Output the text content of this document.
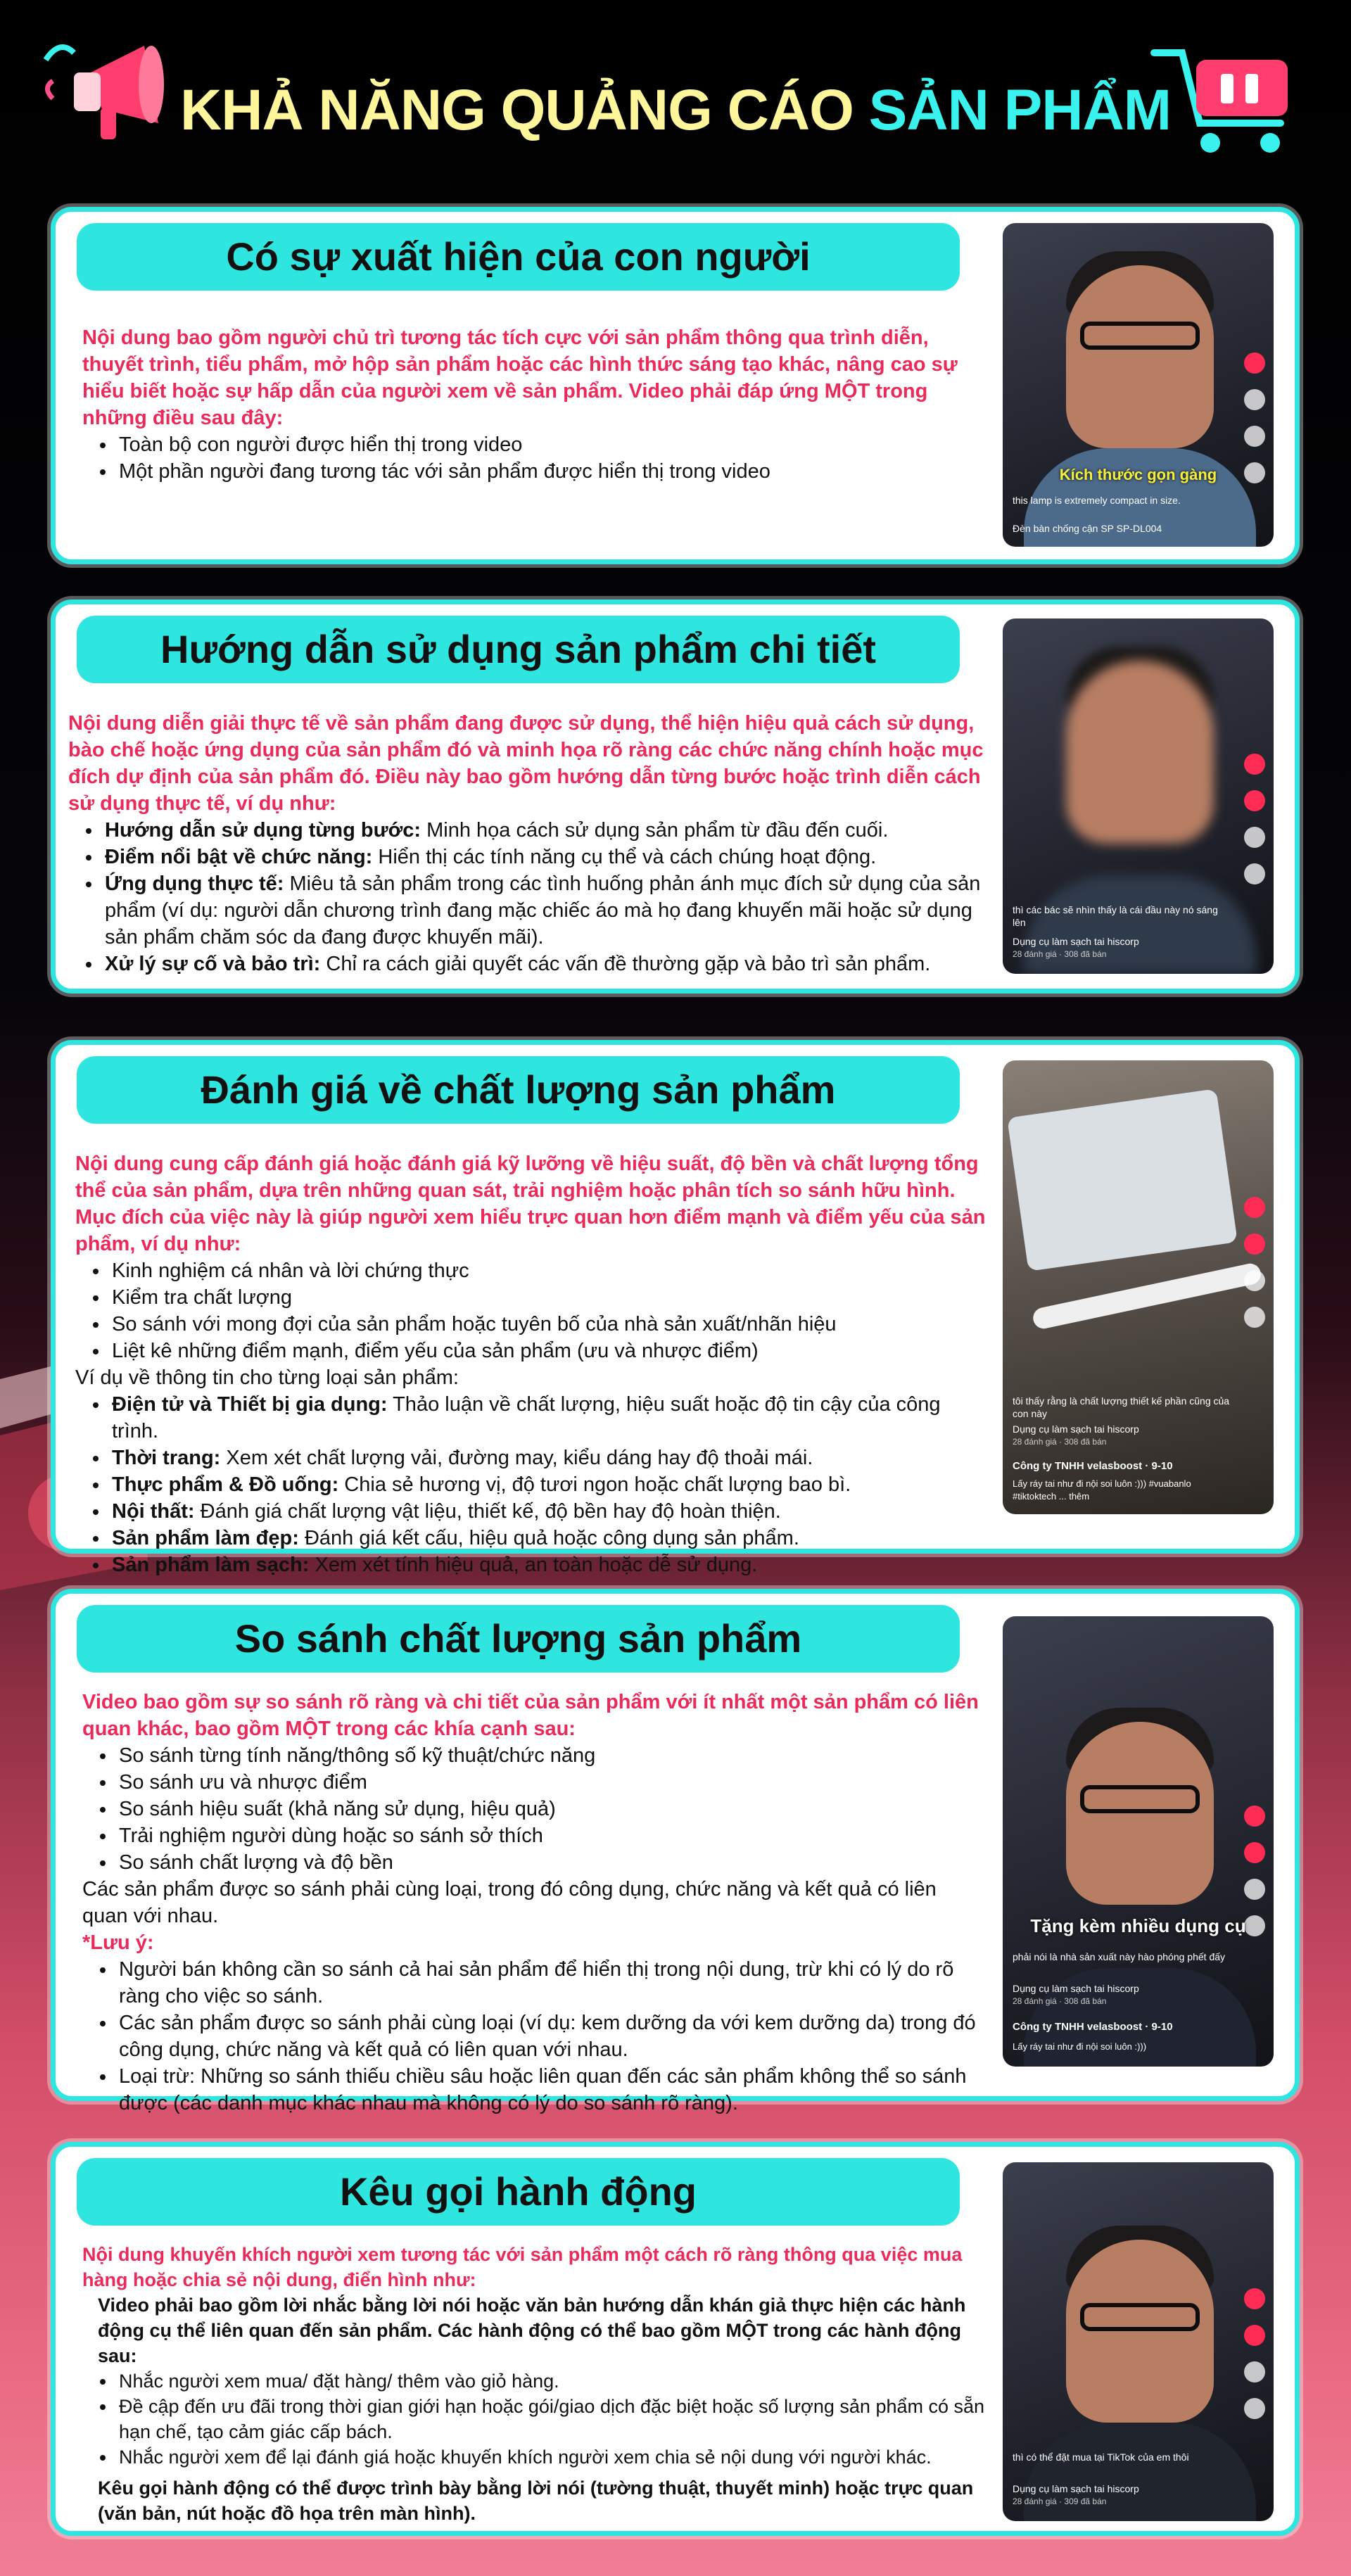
KHẢ NĂNG QUẢNG CÁO SẢN PHẨM
Có sự xuất hiện của con người
Nội dung bao gồm người chủ trì tương tác tích cực với sản phẩm thông qua trình diễn, thuyết trình, tiểu phẩm, mở hộp sản phẩm hoặc các hình thức sáng tạo khác, nâng cao sự hiểu biết hoặc sự hấp dẫn của người xem về sản phẩm. Video phải đáp ứng MỘT trong những điều sau đây:
• Toàn bộ con người được hiển thị trong video
• Một phần người đang tương tác với sản phẩm được hiển thị trong video	Kích thước gọn gàng
this lamp is extremely compact in size.
Đèn bàn chống cận SP SP-DL004
Hướng dẫn sử dụng sản phẩm chi tiết
Nội dung diễn giải thực tế về sản phẩm đang được sử dụng, thể hiện hiệu quả cách sử dụng, bào chế hoặc ứng dụng của sản phẩm đó và minh họa rõ ràng các chức năng chính hoặc mục đích dự định của sản phẩm đó. Điều này bao gồm hướng dẫn từng bước hoặc trình diễn cách sử dụng thực tế, ví dụ như:
• Hướng dẫn sử dụng từng bước: Minh họa cách sử dụng sản phẩm từ đầu đến cuối.
• Điểm nổi bật về chức năng: Hiển thị các tính năng cụ thể và cách chúng hoạt động.
• Ứng dụng thực tế: Miêu tả sản phẩm trong các tình huống phản ánh mục đích sử dụng của sản phẩm (ví dụ: người dẫn chương trình đang mặc chiếc áo mà họ đang khuyến mãi hoặc sử dụng sản phẩm chăm sóc da đang được khuyến mãi).
• Xử lý sự cố và bảo trì: Chỉ ra cách giải quyết các vấn đề thường gặp và bảo trì sản phẩm.
thì các bác sẽ nhìn thấy là cái đầu này nó sáng lên
Dụng cụ làm sạch tai hiscorp
28 đánh giá · 308 đã bán
Đánh giá về chất lượng sản phẩm
Nội dung cung cấp đánh giá hoặc đánh giá kỹ lưỡng về hiệu suất, độ bền và chất lượng tổng thể của sản phẩm, dựa trên những quan sát, trải nghiệm hoặc phân tích so sánh hữu hình. Mục đích của việc này là giúp người xem hiểu trực quan hơn điểm mạnh và điểm yếu của sản phẩm, ví dụ như:
• Kinh nghiệm cá nhân và lời chứng thực
• Kiểm tra chất lượng
• So sánh với mong đợi của sản phẩm hoặc tuyên bố của nhà sản xuất/nhãn hiệu
• Liệt kê những điểm mạnh, điểm yếu của sản phẩm (ưu và nhược điểm)
Ví dụ về thông tin cho từng loại sản phẩm:
• Điện tử và Thiết bị gia dụng: Thảo luận về chất lượng, hiệu suất hoặc độ tin cậy của công trình.
• Thời trang: Xem xét chất lượng vải, đường may, kiểu dáng hay độ thoải mái.
• Thực phẩm & Đồ uống: Chia sẻ hương vị, độ tươi ngon hoặc chất lượng bao bì.
• Nội thất: Đánh giá chất lượng vật liệu, thiết kế, độ bền hay độ hoàn thiện.
• Sản phẩm làm đẹp: Đánh giá kết cấu, hiệu quả hoặc công dụng sản phẩm.
• Sản phẩm làm sạch: Xem xét tính hiệu quả, an toàn hoặc dễ sử dụng.
tôi thấy rằng là chất lượng thiết kế phần cũng của con này
Dụng cụ làm sạch tai hiscorp
28 đánh giá · 308 đã bán
Công ty TNHH velasboost · 9-10
Lấy ráy tai như đi nội soi luôn :))) #vuabanlo #tiktoktech ... thêm
So sánh chất lượng sản phẩm
Video bao gồm sự so sánh rõ ràng và chi tiết của sản phẩm với ít nhất một sản phẩm có liên quan khác, bao gồm MỘT trong các khía cạnh sau:
• So sánh từng tính năng/thông số kỹ thuật/chức năng
• So sánh ưu và nhược điểm
• So sánh hiệu suất (khả năng sử dụng, hiệu quả)
• Trải nghiệm người dùng hoặc so sánh sở thích
• So sánh chất lượng và độ bền
Các sản phẩm được so sánh phải cùng loại, trong đó công dụng, chức năng và kết quả có liên quan với nhau.
*Lưu ý:
• Người bán không cần so sánh cả hai sản phẩm để hiển thị trong nội dung, trừ khi có lý do rõ ràng cho việc so sánh.
• Các sản phẩm được so sánh phải cùng loại (ví dụ: kem dưỡng da với kem dưỡng da) trong đó công dụng, chức năng và kết quả có liên quan với nhau.
• Loại trừ: Những so sánh thiếu chiều sâu hoặc liên quan đến các sản phẩm không thể so sánh được (các danh mục khác nhau mà không có lý do so sánh rõ ràng).
Tặng kèm nhiều dụng cụ
phải nói là nhà sản xuất này hào phóng phết đấy
Dụng cụ làm sạch tai hiscorp
28 đánh giá · 308 đã bán
Công ty TNHH velasboost · 9-10
Lấy ráy tai như đi nội soi luôn :)))
Kêu gọi hành động
Nội dung khuyến khích người xem tương tác với sản phẩm một cách rõ ràng thông qua việc mua hàng hoặc chia sẻ nội dung, điển hình như:
Video phải bao gồm lời nhắc bằng lời nói hoặc văn bản hướng dẫn khán giả thực hiện các hành động cụ thể liên quan đến sản phẩm. Các hành động có thể bao gồm MỘT trong các hành động sau:
• Nhắc người xem mua/ đặt hàng/ thêm vào giỏ hàng.
• Đề cập đến ưu đãi trong thời gian giới hạn hoặc gói/giao dịch đặc biệt hoặc số lượng sản phẩm có sẵn hạn chế, tạo cảm giác cấp bách.
• Nhắc người xem để lại đánh giá hoặc khuyến khích người xem chia sẻ nội dung với người khác.
Kêu gọi hành động có thể được trình bày bằng lời nói (tường thuật, thuyết minh) hoặc trực quan (văn bản, nút hoặc đồ họa trên màn hình).
thì có thể đặt mua tại TikTok của em thôi
Dụng cụ làm sạch tai hiscorp
28 đánh giá · 309 đã bán
